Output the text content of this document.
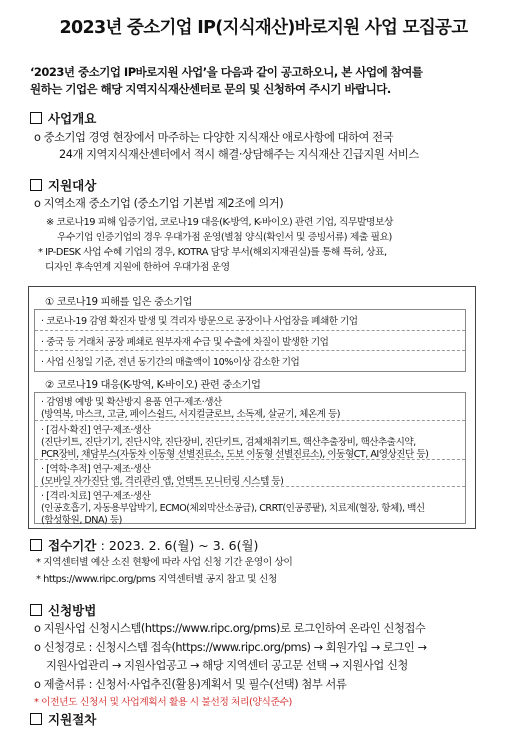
2023년 중소기업 IP(지식재산)바로지원 사업 모집공고
‘2023년 중소기업 IP바로지원 사업’을 다음과 같이 공고하오니, 본 사업에 참여를
원하는 기업은 해당 지역지식재산센터로 문의 및 신청하여 주시기 바랍니다.
사업개요
o 중소기업 경영 현장에서 마주하는 다양한 지식재산 애로사항에 대하여 전국
24개 지역지식재산센터에서 적시 해결·상담해주는 지식재산 긴급지원 서비스
지원대상
o 지역소재 중소기업 (중소기업 기본법 제2조에 의거)
※ 코로나19 피해 입증기업, 코로나19 대응(K-방역, K-바이오) 관련 기업, 직무발명보상
우수기업 인증기업의 경우 우대가점 운영(별첨 양식(확인서 및 증빙서류) 제출 필요)
* IP-DESK 사업 수혜 기업의 경우, KOTRA 담당 부서(해외지재권실)를 통해 특허, 상표,
디자인 후속연계 지원에 한하여 우대가점 운영
① 코로나19 피해를 입은 중소기업
· 코로나-19 감염 확진자 발생 및 격리자 방문으로 공장이나 사업장을 폐쇄한 기업
· 중국 등 거래처 공장 폐쇄로 원부자재 수급 및 수출에 차질이 발생한 기업
· 사업 신청일 기준, 전년 동기간의 매출액이 10%이상 감소한 기업
② 코로나19 대응(K-방역, K-바이오) 관련 중소기업
· 감염병 예방 및 확산방지 용품 연구·제조·생산
(방역복, 마스크, 고글, 페이스쉴드, 서지컬글로브, 소독제, 살균기, 체온계 등)
· [검사·확진] 연구·제조·생산
(진단키트, 진단기기, 진단시약, 진단장비, 진단키트, 검체채취키트, 핵산추출장비, 핵산추출시약,
PCR장비, 채담부스(자동차 이동형 선별진료소, 도보 이동형 선별진료소), 이동형CT, AI영상진단 등)
· [역학·추적] 연구·제조·생산
(모바일 자가진단 앱, 격리관리 앱, 언택트 모니터링 시스템 등)
· [격리·치료] 연구·제조·생산
(인공호흡기, 자동용부압박기, ECMO(체외막산소공급), CRRT(인공콩팥), 치료제(혈장, 항체), 백신
(합성항원, DNA) 등)
접수기간 : 2023. 2. 6(월) ~ 3. 6(월)
* 지역센터별 예산 소진 현황에 따라 사업 신청 기간 운영이 상이
* https://www.ripc.org/pms 지역센터별 공지 참고 및 신청
신청방법
o 지원사업 신청시스템(https://www.ripc.org/pms)로 로그인하여 온라인 신청접수
o 신청경로 : 신청시스템 접속(https://www.ripc.org/pms) → 회원가입 → 로그인 →
지원사업관리 → 지원사업공고 → 해당 지역센터 공고문 선택 → 지원사업 신청
o 제출서류 : 신청서·사업추진(활용)계획서 및 필수(선택) 첨부 서류
* 이전년도 신청서 및 사업계획서 활용 시 불선정 처리(양식준수)
지원절차
